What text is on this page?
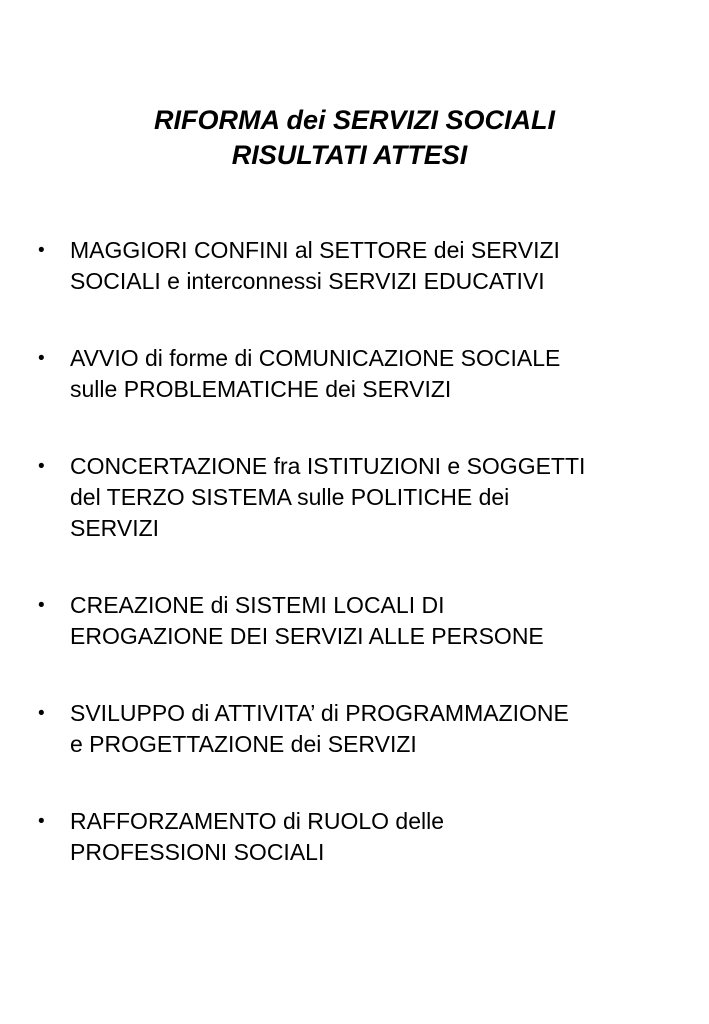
RIFORMA dei SERVIZI SOCIALI
RISULTATI ATTESI
• MAGGIORI CONFINI al SETTORE dei SERVIZI
SOCIALI e interconnessi SERVIZI EDUCATIVI
• AVVIO di forme di COMUNICAZIONE SOCIALE
sulle PROBLEMATICHE dei SERVIZI
• CONCERTAZIONE fra ISTITUZIONI e SOGGETTI
del TERZO SISTEMA sulle POLITICHE dei
SERVIZI
• CREAZIONE di SISTEMI LOCALI DI
EROGAZIONE DEI SERVIZI ALLE PERSONE
• SVILUPPO di ATTIVITA’ di PROGRAMMAZIONE
e PROGETTAZIONE dei SERVIZI
• RAFFORZAMENTO di RUOLO delle
PROFESSIONI SOCIALI
